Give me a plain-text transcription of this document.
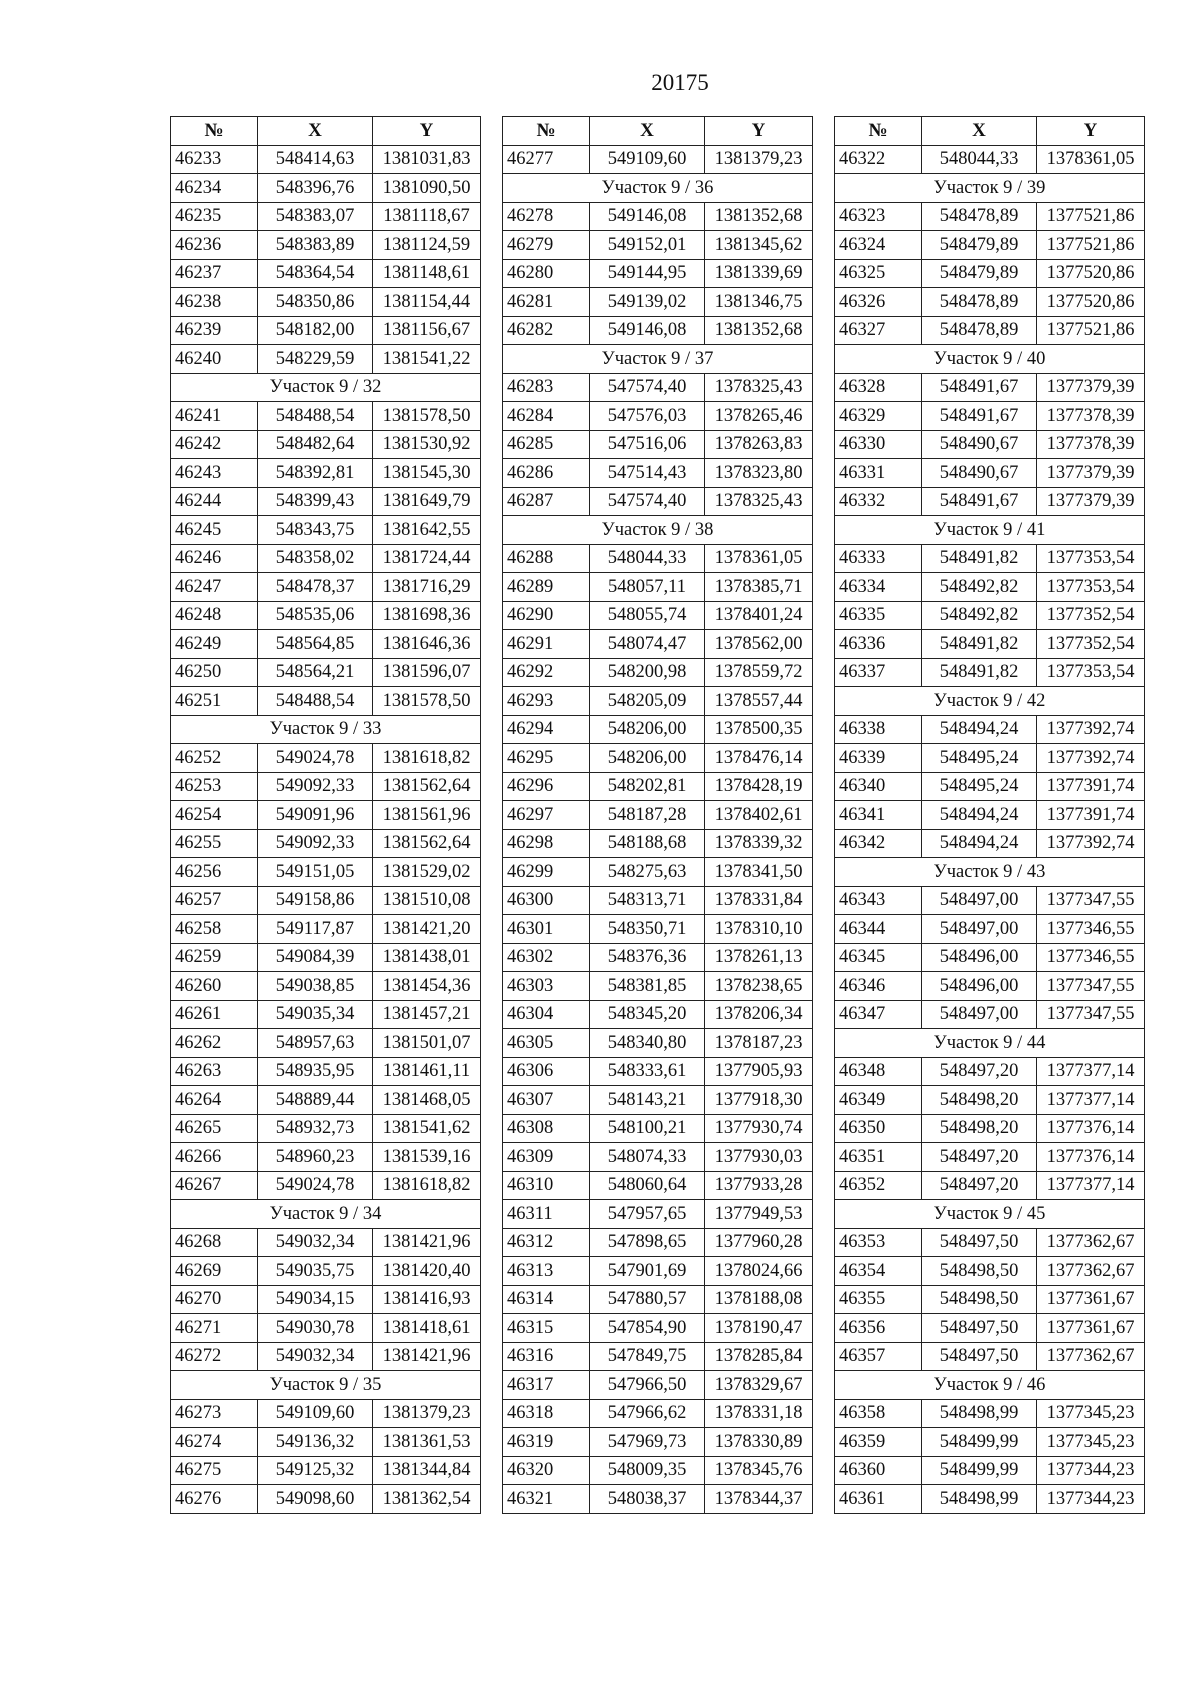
20175
№	X	Y
46233	548414,63	1381031,83
46234	548396,76	1381090,50
46235	548383,07	1381118,67
46236	548383,89	1381124,59
46237	548364,54	1381148,61
46238	548350,86	1381154,44
46239	548182,00	1381156,67
46240	548229,59	1381541,22
Участок 9 / 32		
46241	548488,54	1381578,50
46242	548482,64	1381530,92
46243	548392,81	1381545,30
46244	548399,43	1381649,79
46245	548343,75	1381642,55
46246	548358,02	1381724,44
46247	548478,37	1381716,29
46248	548535,06	1381698,36
46249	548564,85	1381646,36
46250	548564,21	1381596,07
46251	548488,54	1381578,50
Участок 9 / 33		
46252	549024,78	1381618,82
46253	549092,33	1381562,64
46254	549091,96	1381561,96
46255	549092,33	1381562,64
46256	549151,05	1381529,02
46257	549158,86	1381510,08
46258	549117,87	1381421,20
46259	549084,39	1381438,01
46260	549038,85	1381454,36
46261	549035,34	1381457,21
46262	548957,63	1381501,07
46263	548935,95	1381461,11
46264	548889,44	1381468,05
46265	548932,73	1381541,62
46266	548960,23	1381539,16
46267	549024,78	1381618,82
Участок 9 / 34		
46268	549032,34	1381421,96
46269	549035,75	1381420,40
46270	549034,15	1381416,93
46271	549030,78	1381418,61
46272	549032,34	1381421,96
Участок 9 / 35		
46273	549109,60	1381379,23
46274	549136,32	1381361,53
46275	549125,32	1381344,84
46276	549098,60	1381362,54
№	X	Y
46277	549109,60	1381379,23
Участок 9 / 36		
46278	549146,08	1381352,68
46279	549152,01	1381345,62
46280	549144,95	1381339,69
46281	549139,02	1381346,75
46282	549146,08	1381352,68
Участок 9 / 37		
46283	547574,40	1378325,43
46284	547576,03	1378265,46
46285	547516,06	1378263,83
46286	547514,43	1378323,80
46287	547574,40	1378325,43
Участок 9 / 38		
46288	548044,33	1378361,05
46289	548057,11	1378385,71
46290	548055,74	1378401,24
46291	548074,47	1378562,00
46292	548200,98	1378559,72
46293	548205,09	1378557,44
46294	548206,00	1378500,35
46295	548206,00	1378476,14
46296	548202,81	1378428,19
46297	548187,28	1378402,61
46298	548188,68	1378339,32
46299	548275,63	1378341,50
46300	548313,71	1378331,84
46301	548350,71	1378310,10
46302	548376,36	1378261,13
46303	548381,85	1378238,65
46304	548345,20	1378206,34
46305	548340,80	1378187,23
46306	548333,61	1377905,93
46307	548143,21	1377918,30
46308	548100,21	1377930,74
46309	548074,33	1377930,03
46310	548060,64	1377933,28
46311	547957,65	1377949,53
46312	547898,65	1377960,28
46313	547901,69	1378024,66
46314	547880,57	1378188,08
46315	547854,90	1378190,47
46316	547849,75	1378285,84
46317	547966,50	1378329,67
46318	547966,62	1378331,18
46319	547969,73	1378330,89
46320	548009,35	1378345,76
46321	548038,37	1378344,37
№	X	Y
46322	548044,33	1378361,05
Участок 9 / 39		
46323	548478,89	1377521,86
46324	548479,89	1377521,86
46325	548479,89	1377520,86
46326	548478,89	1377520,86
46327	548478,89	1377521,86
Участок 9 / 40		
46328	548491,67	1377379,39
46329	548491,67	1377378,39
46330	548490,67	1377378,39
46331	548490,67	1377379,39
46332	548491,67	1377379,39
Участок 9 / 41		
46333	548491,82	1377353,54
46334	548492,82	1377353,54
46335	548492,82	1377352,54
46336	548491,82	1377352,54
46337	548491,82	1377353,54
Участок 9 / 42		
46338	548494,24	1377392,74
46339	548495,24	1377392,74
46340	548495,24	1377391,74
46341	548494,24	1377391,74
46342	548494,24	1377392,74
Участок 9 / 43		
46343	548497,00	1377347,55
46344	548497,00	1377346,55
46345	548496,00	1377346,55
46346	548496,00	1377347,55
46347	548497,00	1377347,55
Участок 9 / 44		
46348	548497,20	1377377,14
46349	548498,20	1377377,14
46350	548498,20	1377376,14
46351	548497,20	1377376,14
46352	548497,20	1377377,14
Участок 9 / 45		
46353	548497,50	1377362,67
46354	548498,50	1377362,67
46355	548498,50	1377361,67
46356	548497,50	1377361,67
46357	548497,50	1377362,67
Участок 9 / 46		
46358	548498,99	1377345,23
46359	548499,99	1377345,23
46360	548499,99	1377344,23
46361	548498,99	1377344,23
